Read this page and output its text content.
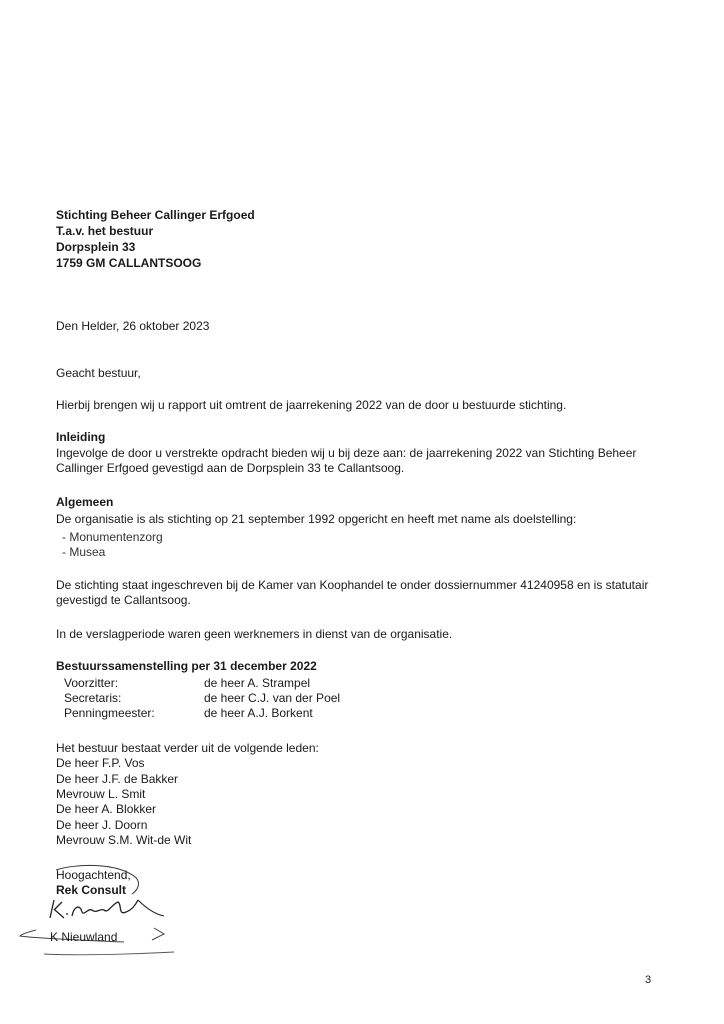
Stichting Beheer Callinger Erfgoed
T.a.v. het bestuur
Dorpsplein 33
1759 GM CALLANTSOOG
Den Helder, 26 oktober 2023
Geacht bestuur,
Hierbij brengen wij u rapport uit omtrent de jaarrekening 2022 van de door u bestuurde stichting.
Inleiding
Ingevolge de door u verstrekte opdracht bieden wij u bij deze aan: de jaarrekening 2022 van Stichting Beheer Callinger Erfgoed gevestigd aan de Dorpsplein 33 te Callantsoog.
Algemeen
De organisatie is als stichting op 21 september 1992 opgericht en heeft met name als doelstelling:
- Monumentenzorg
- Musea
De stichting staat ingeschreven bij de Kamer van Koophandel te onder dossiernummer 41240958 en is statutair gevestigd te Callantsoog.
In de verslagperiode waren geen werknemers in dienst van de organisatie.
Bestuurssamenstelling per 31 december 2022
Voorzitter:	de heer A. Strampel
Secretaris:	de heer C.J. van der Poel
Penningmeester:	de heer A.J. Borkent
Het bestuur bestaat verder uit de volgende leden:
De heer F.P. Vos
De heer J.F. de Bakker
Mevrouw L. Smit
De heer A. Blokker
De heer J. Doorn
Mevrouw S.M. Wit-de Wit
Hoogachtend,
Rek Consult
K Nieuwland
3
